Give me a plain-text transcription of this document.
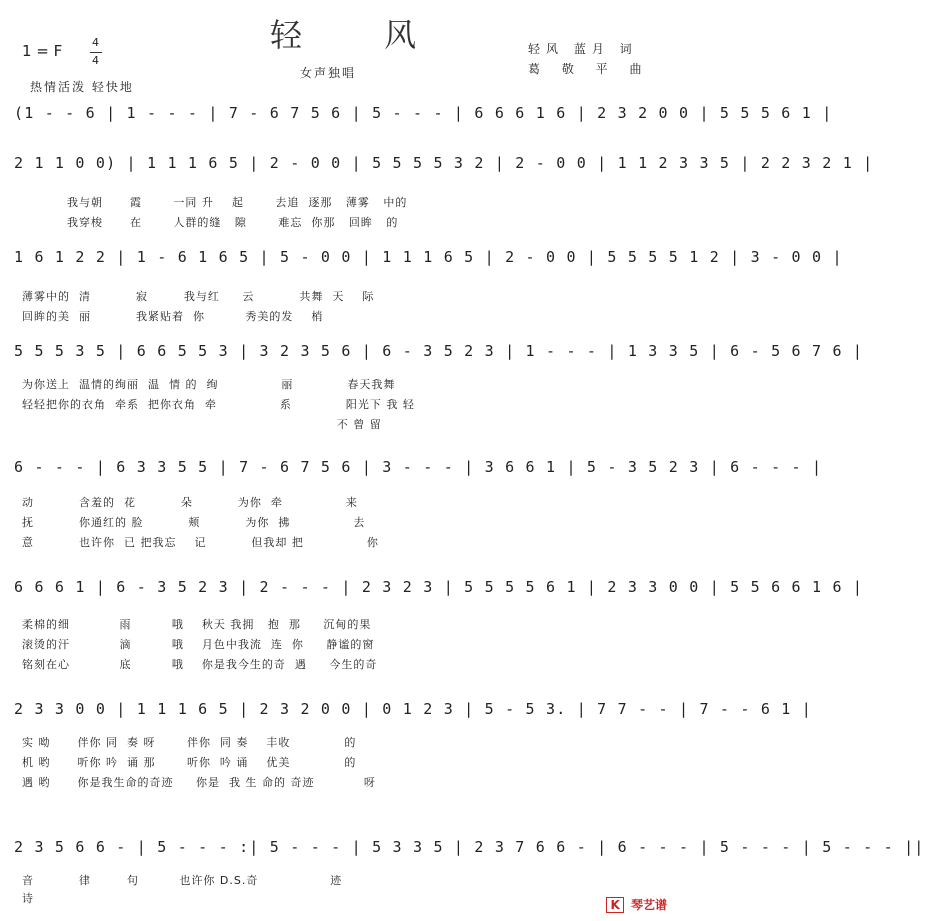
轻 风
1 = F	4
4
热情活泼 轻快地
女声独唱
轻风 蓝月 词
葛 敬 平 曲
(1 - - 6 | 1 - - - | 7 - 6 7 5 6 | 5 - - - | 6 6 6 1 6 | 2 3 2 0 0 | 5 5 5 6 1 |
2 1 1 0 0) | 1 1 1 6 5 | 2 - 0 0 | 5 5 5 5 3 2 | 2 - 0 0 | 1 1 2 3 3 5 | 2 2 3 2 1 |
我与朝      霞       一同 升    起       去追  逐那   薄雾   中的
我穿梭      在       人群的缝   隙       难忘  你那   回眸   的
1 6 1 2 2 | 1 - 6 1 6 5 | 5 - 0 0 | 1 1 1 6 5 | 2 - 0 0 | 5 5 5 5 1 2 | 3 - 0 0 |
薄雾中的  清          寂        我与红     云          共舞  天    际
回眸的美  丽          我紧贴着  你         秀美的发    梢
5 5 5 3 5 | 6 6 5 5 3 | 3 2 3 5 6 | 6 - 3 5 2 3 | 1 - - - | 1 3 3 5 | 6 - 5 6 7 6 |
为你送上  温情的绚丽  温  情 的  绚              丽            春天我舞
轻轻把你的衣角  牵系  把你衣角  牵              系            阳光下 我 轻
不 曾 留
6 - - - | 6 3 3 5 5 | 7 - 6 7 5 6 | 3 - - - | 3 6 6 1 | 5 - 3 5 2 3 | 6 - - - |
动          含羞的  花          朵          为你  牵              来
抚          你通红的 脸          颊          为你  拂              去
意          也许你  已 把我忘    记          但我却 把              你
6 6 6 1 | 6 - 3 5 2 3 | 2 - - - | 2 3 2 3 | 5 5 5 5 6 1 | 2 3 3 0 0 | 5 5 6 6 1 6 |
柔棉的细           雨         哦    秋天 我拥   抱  那     沉甸的果
滚烫的汗           滴         哦    月色中我流  连  你     静谧的窗
铭刻在心           底         哦    你是我今生的奇  遇     今生的奇
2 3 3 0 0 | 1 1 1 6 5 | 2 3 2 0 0 | 0 1 2 3 | 5 - 5 3. | 7 7 - - | 7 - - 6 1 |
实 呦      伴你 同  奏 呀       伴你  同 奏    丰收            的
机 哟      听你 吟  诵 那       听你  吟 诵    优美            的
遇 哟      你是我生命的奇迹     你是  我 生 命的 奇迹           呀
2 3 5 6 6 - | 5 - - - :| 5 - - - | 5 3 3 5 | 2 3 7 6 6 - | 6 - - - | 5 - - - | 5 - - - ||
音          律        句         也许你 D.S.奇                迹
诗	K 琴艺谱
